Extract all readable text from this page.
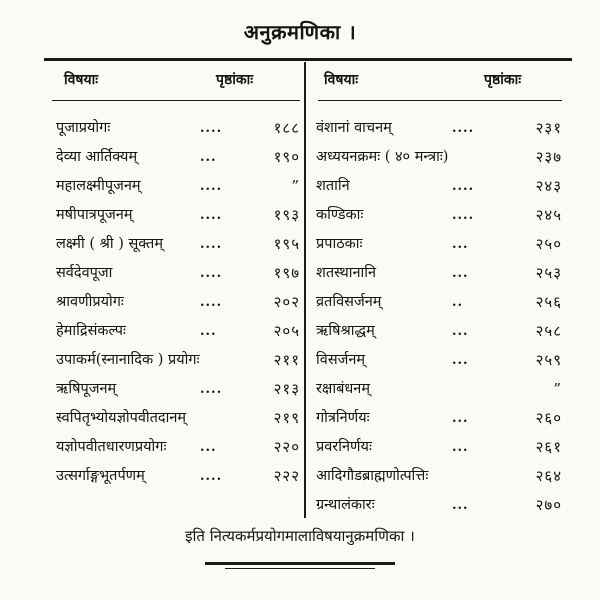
अनुक्रमणिका ।
विषयाः	पृष्ठांकाः	विषयाः	पृष्ठांकाः
पूजाप्रयोगः	....	१८८
देव्या आर्तिक्यम्	...	१९०
महालक्ष्मीपूजनम्	....	”
मषीपात्रपूजनम्	....	१९३
लक्ष्मी ( श्री ) सूक्तम्	....	१९५
सर्वदेवपूजा	....	१९७
श्रावणीप्रयोगः	....	२०२
हेमाद्रिसंकल्पः	...	२०५
उपाकर्म(स्नानादिक ) प्रयोगः	२११
ऋषिपूजनम्	....	२१३
स्वपितृभ्योयज्ञोपवीतदानम्	२१९
यज्ञोपवीतधारणप्रयोगः	...	२२०
उत्सर्गाङ्गभूतर्पणम्	....	२२२
वंशानां वाचनम्	....	२३१
अध्ययनक्रमः ( ४० मन्त्राः)	२३७
शतानि	....	२४३
कण्डिकाः	....	२४५
प्रपाठकाः	...	२५०
शतस्थानानि	...	२५३
व्रतविसर्जनम्	..	२५६
ऋषिश्राद्धम्	...	२५८
विसर्जनम्	...	२५९
रक्षाबंधनम्	”
गोत्रनिर्णयः	...	२६०
प्रवरनिर्णयः	...	२६१
आदिगौडब्राह्मणोत्पत्तिः	२६४
ग्रन्थालंकारः	...	२७०
इति नित्यकर्मप्रयोगमालाविषयानुक्रमणिका ।
